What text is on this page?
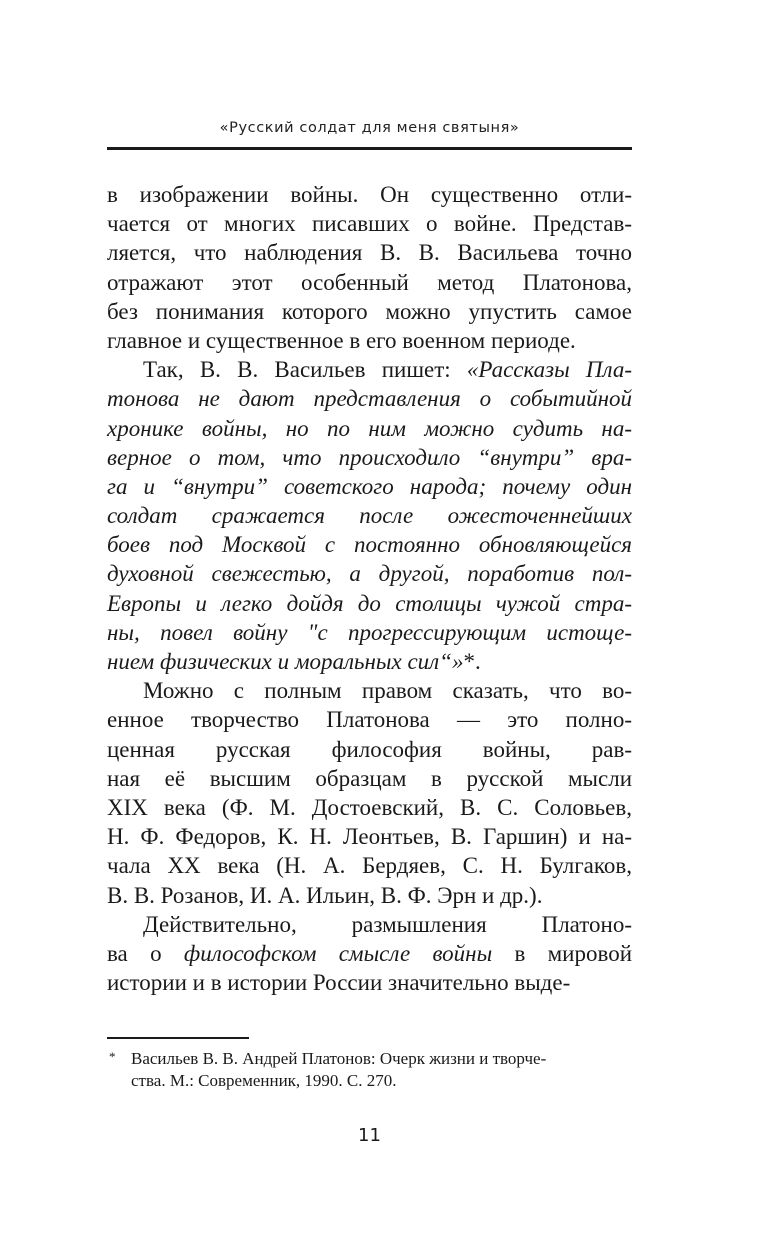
«Русский солдат для меня святыня»
в изображении войны. Он существенно отли-
чается от многих писавших о войне. Представ-
ляется, что наблюдения В. В. Васильева точно
отражают этот особенный метод Платонова,
без понимания которого можно упустить самое
главное и существенное в его военном периоде.
Так, В. В. Васильев пишет: «Рассказы Пла-
тонова не дают представления о событийной
хронике войны, но по ним можно судить на-
верное о том, что происходило “внутри” вра-
га и “внутри” советского народа; почему один
солдат сражается после ожесточеннейших
боев под Москвой с постоянно обновляющейся
духовной свежестью, а другой, поработив пол-
Европы и легко дойдя до столицы чужой стра-
ны, повел войну "с прогрессирующим истоще-
нием физических и моральных сил“»*.
Можно с полным правом сказать, что во-
енное творчество Платонова — это полно-
ценная русская философия войны, рав-
ная её высшим образцам в русской мысли
XIX века (Ф. М. Достоевский, В. С. Соловьев,
Н. Ф. Федоров, К. Н. Леонтьев, В. Гаршин) и на-
чала XX века (Н. А. Бердяев, С. Н. Булгаков,
В. В. Розанов, И. А. Ильин, В. Ф. Эрн и др.).
Действительно, размышления Платоно-
ва о философском смысле войны в мировой
истории и в истории России значительно выде-
* Васильев В. В. Андрей Платонов: Очерк жизни и творче-
ства. М.: Современник, 1990. С. 270.
11
